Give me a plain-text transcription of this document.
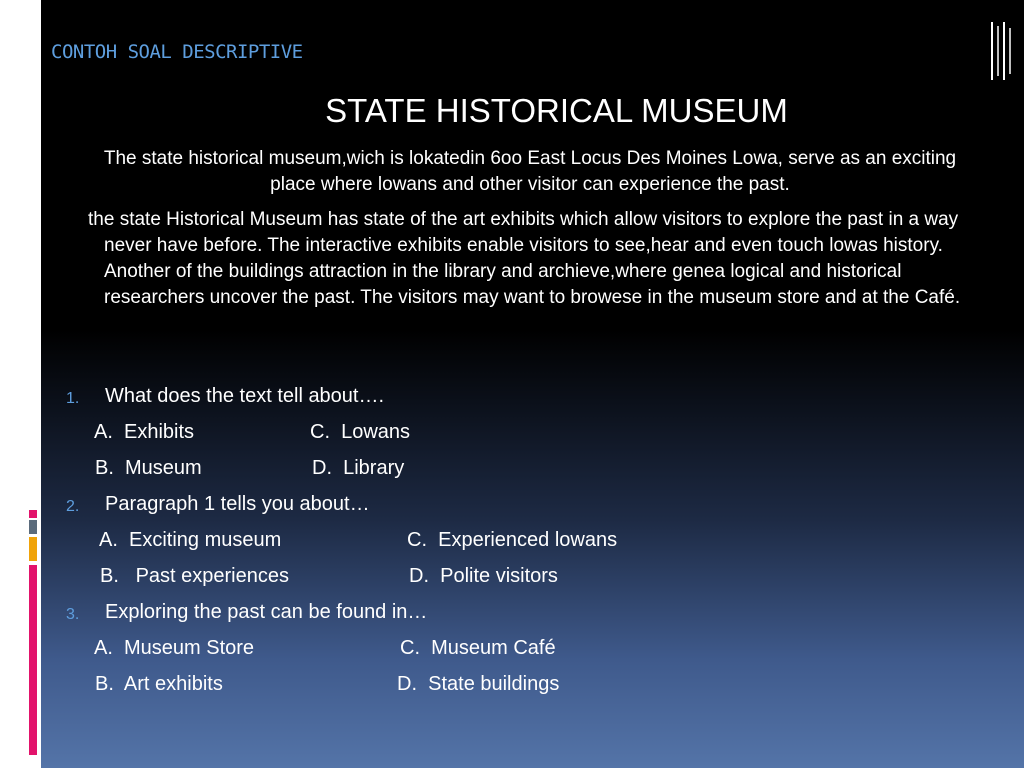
CONTOH SOAL DESCRIPTIVE
STATE HISTORICAL MUSEUM
The state historical museum,wich is lokatedin 6oo East Locus Des Moines Lowa, serve as an exciting place where lowans and other visitor can experience the past.
the state Historical Museum has state of the art exhibits which allow visitors to explore the past in a way never have before. The interactive exhibits enable visitors to see,hear and even touch lowas history. Another of the buildings attraction in the library and archieve,where genea logical and historical researchers uncover the past. The visitors may want to browese in the museum store and at the Café.
1. What does the text tell about….
A.  Exhibits	C.  Lowans
B.  Museum	D.  Library
2. Paragraph 1 tells you about…
A.  Exciting museum	C.  Experienced lowans
B.   Past experiences	D.  Polite visitors
3. Exploring the past can be found in…
A.  Museum Store	C.  Museum Café
B.  Art exhibits	D.  State buildings
